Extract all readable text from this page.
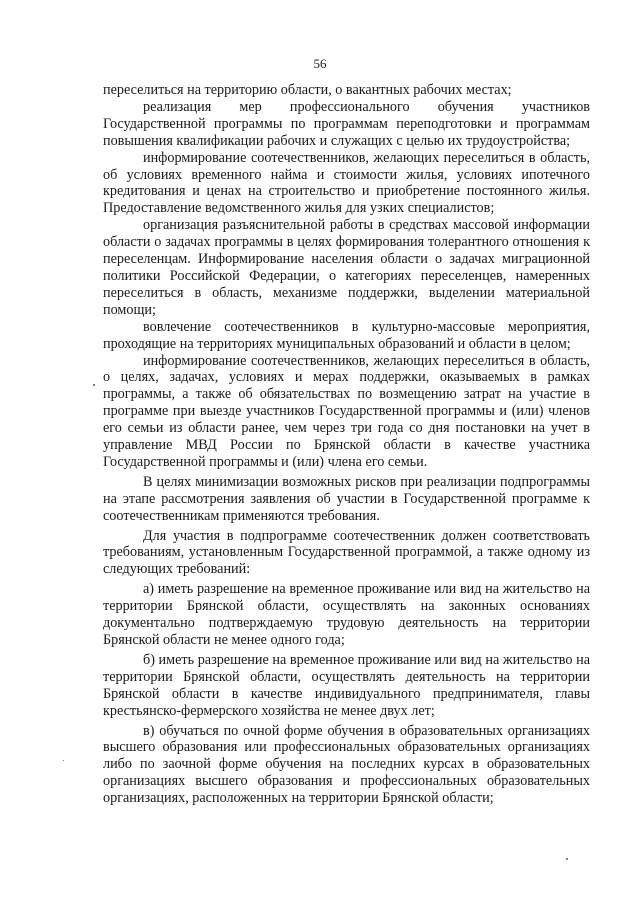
56

переселиться на территорию области, о вакантных рабочих местах;

реализация мер профессионального обучения участников Государственной программы по программам переподготовки и программам повышения квалификации рабочих и служащих с целью их трудоустройства;

информирование соотечественников, желающих переселиться в область, об условиях временного найма и стоимости жилья, условиях ипотечного кредитования и ценах на строительство и приобретение постоянного жилья. Предоставление ведомственного жилья для узких специалистов;

организация разъяснительной работы в средствах массовой информации области о задачах программы в целях формирования толерантного отношения к переселенцам. Информирование населения области о задачах миграционной политики Российской Федерации, о категориях переселенцев, намеренных переселиться в область, механизме поддержки, выделении материальной помощи;

вовлечение соотечественников в культурно-массовые мероприятия, проходящие на территориях муниципальных образований и области в целом;

информирование соотечественников, желающих переселиться в область, о целях, задачах, условиях и мерах поддержки, оказываемых в рамках программы, а также об обязательствах по возмещению затрат на участие в программе при выезде участников Государственной программы и (или) членов его семьи из области ранее, чем через три года со дня постановки на учет в управление МВД России по Брянской области в качестве участника Государственной программы и (или) члена его семьи.

В целях минимизации возможных рисков при реализации подпрограммы на этапе рассмотрения заявления об участии в Государственной программе к соотечественникам применяются требования.

Для участия в подпрограмме соотечественник должен соответствовать требованиям, установленным Государственной программой, а также одному из следующих требований:

а) иметь разрешение на временное проживание или вид на жительство на территории Брянской области, осуществлять на законных основаниях документально подтверждаемую трудовую деятельность на территории Брянской области не менее одного года;

б) иметь разрешение на временное проживание или вид на жительство на территории Брянской области, осуществлять деятельность на территории Брянской области в качестве индивидуального предпринимателя, главы крестьянско-фермерского хозяйства не менее двух лет;

в) обучаться по очной форме обучения в образовательных организациях высшего образования или профессиональных образовательных организациях либо по заочной форме обучения на последних курсах в образовательных организациях высшего образования и профессиональных образовательных организациях, расположенных на территории Брянской области;
